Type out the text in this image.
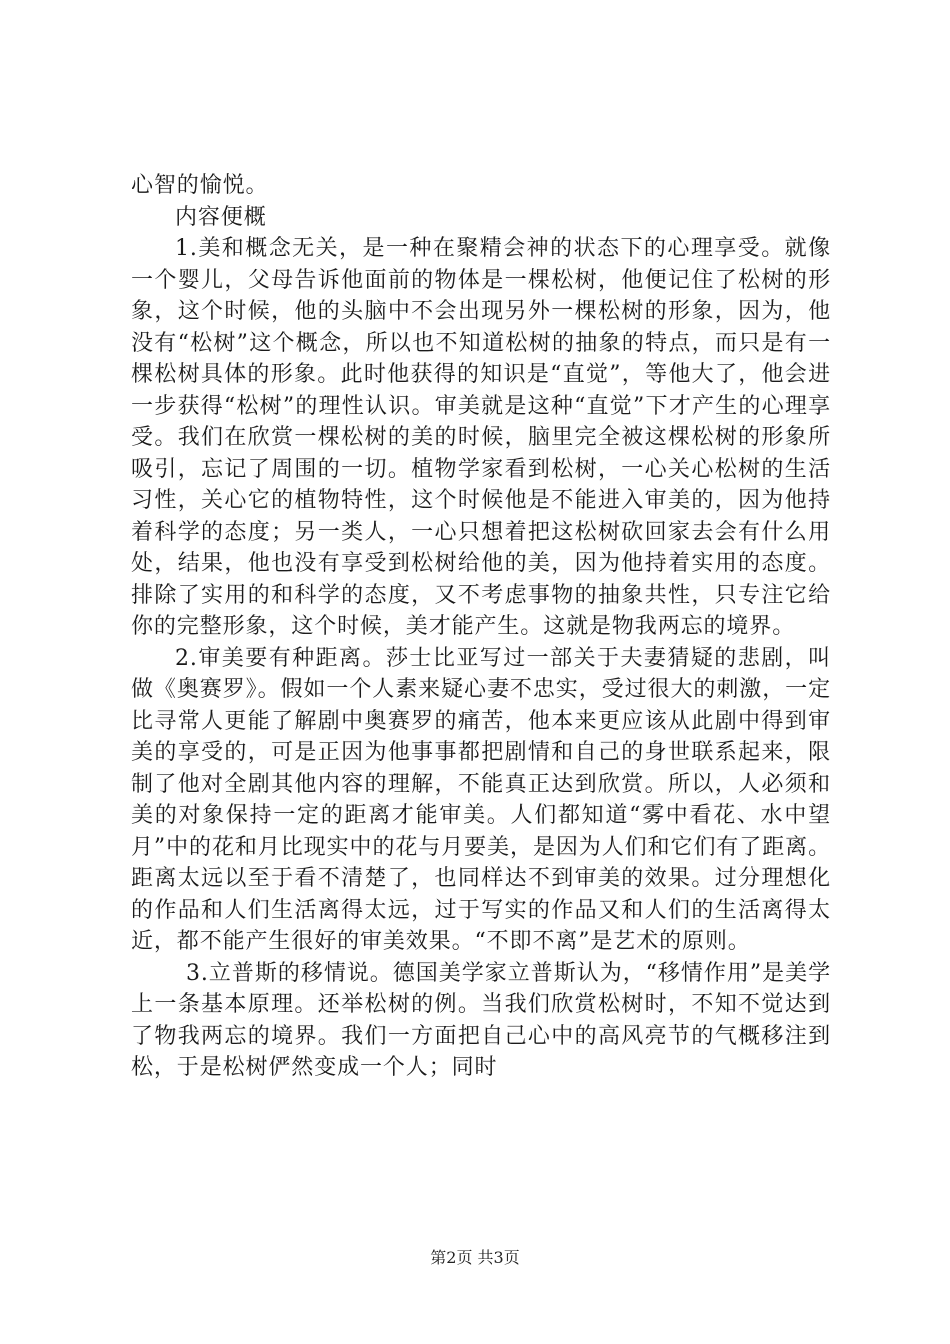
心智的愉悦。

内容便概

1.美和概念无关，是一种在聚精会神的状态下的心理享受。就像一个婴儿，父母告诉他面前的物体是一棵松树，他便记住了松树的形象，这个时候，他的头脑中不会出现另外一棵松树的形象，因为，他没有“松树”这个概念，所以也不知道松树的抽象的特点，而只是有一棵松树具体的形象。此时他获得的知识是“直觉”，等他大了，他会进一步获得“松树”的理性认识。审美就是这种“直觉”下才产生的心理享受。我们在欣赏一棵松树的美的时候，脑里完全被这棵松树的形象所吸引，忘记了周围的一切。植物学家看到松树，一心关心松树的生活习性，关心它的植物特性，这个时候他是不能进入审美的，因为他持着科学的态度；另一类人，一心只想着把这松树砍回家去会有什么用处，结果，他也没有享受到松树给他的美，因为他持着实用的态度。排除了实用的和科学的态度，又不考虑事物的抽象共性，只专注它给你的完整形象，这个时候，美才能产生。这就是物我两忘的境界。

2.审美要有种距离。莎士比亚写过一部关于夫妻猜疑的悲剧，叫做《奥赛罗》。假如一个人素来疑心妻不忠实，受过很大的刺激，一定比寻常人更能了解剧中奥赛罗的痛苦，他本来更应该从此剧中得到审美的享受的，可是正因为他事事都把剧情和自己的身世联系起来，限制了他对全剧其他内容的理解，不能真正达到欣赏。所以，人必须和美的对象保持一定的距离才能审美。人们都知道“雾中看花、水中望月”中的花和月比现实中的花与月要美，是因为人们和它们有了距离。距离太远以至于看不清楚了，也同样达不到审美的效果。过分理想化的作品和人们生活离得太远，过于写实的作品又和人们的生活离得太近，都不能产生很好的审美效果。“不即不离”是艺术的原则。

3.立普斯的移情说。德国美学家立普斯认为，“移情作用”是美学上一条基本原理。还举松树的例。当我们欣赏松树时，不知不觉达到了物我两忘的境界。我们一方面把自己心中的高风亮节的气概移注到松，于是松树俨然变成一个人；同时

第2页 共3页
